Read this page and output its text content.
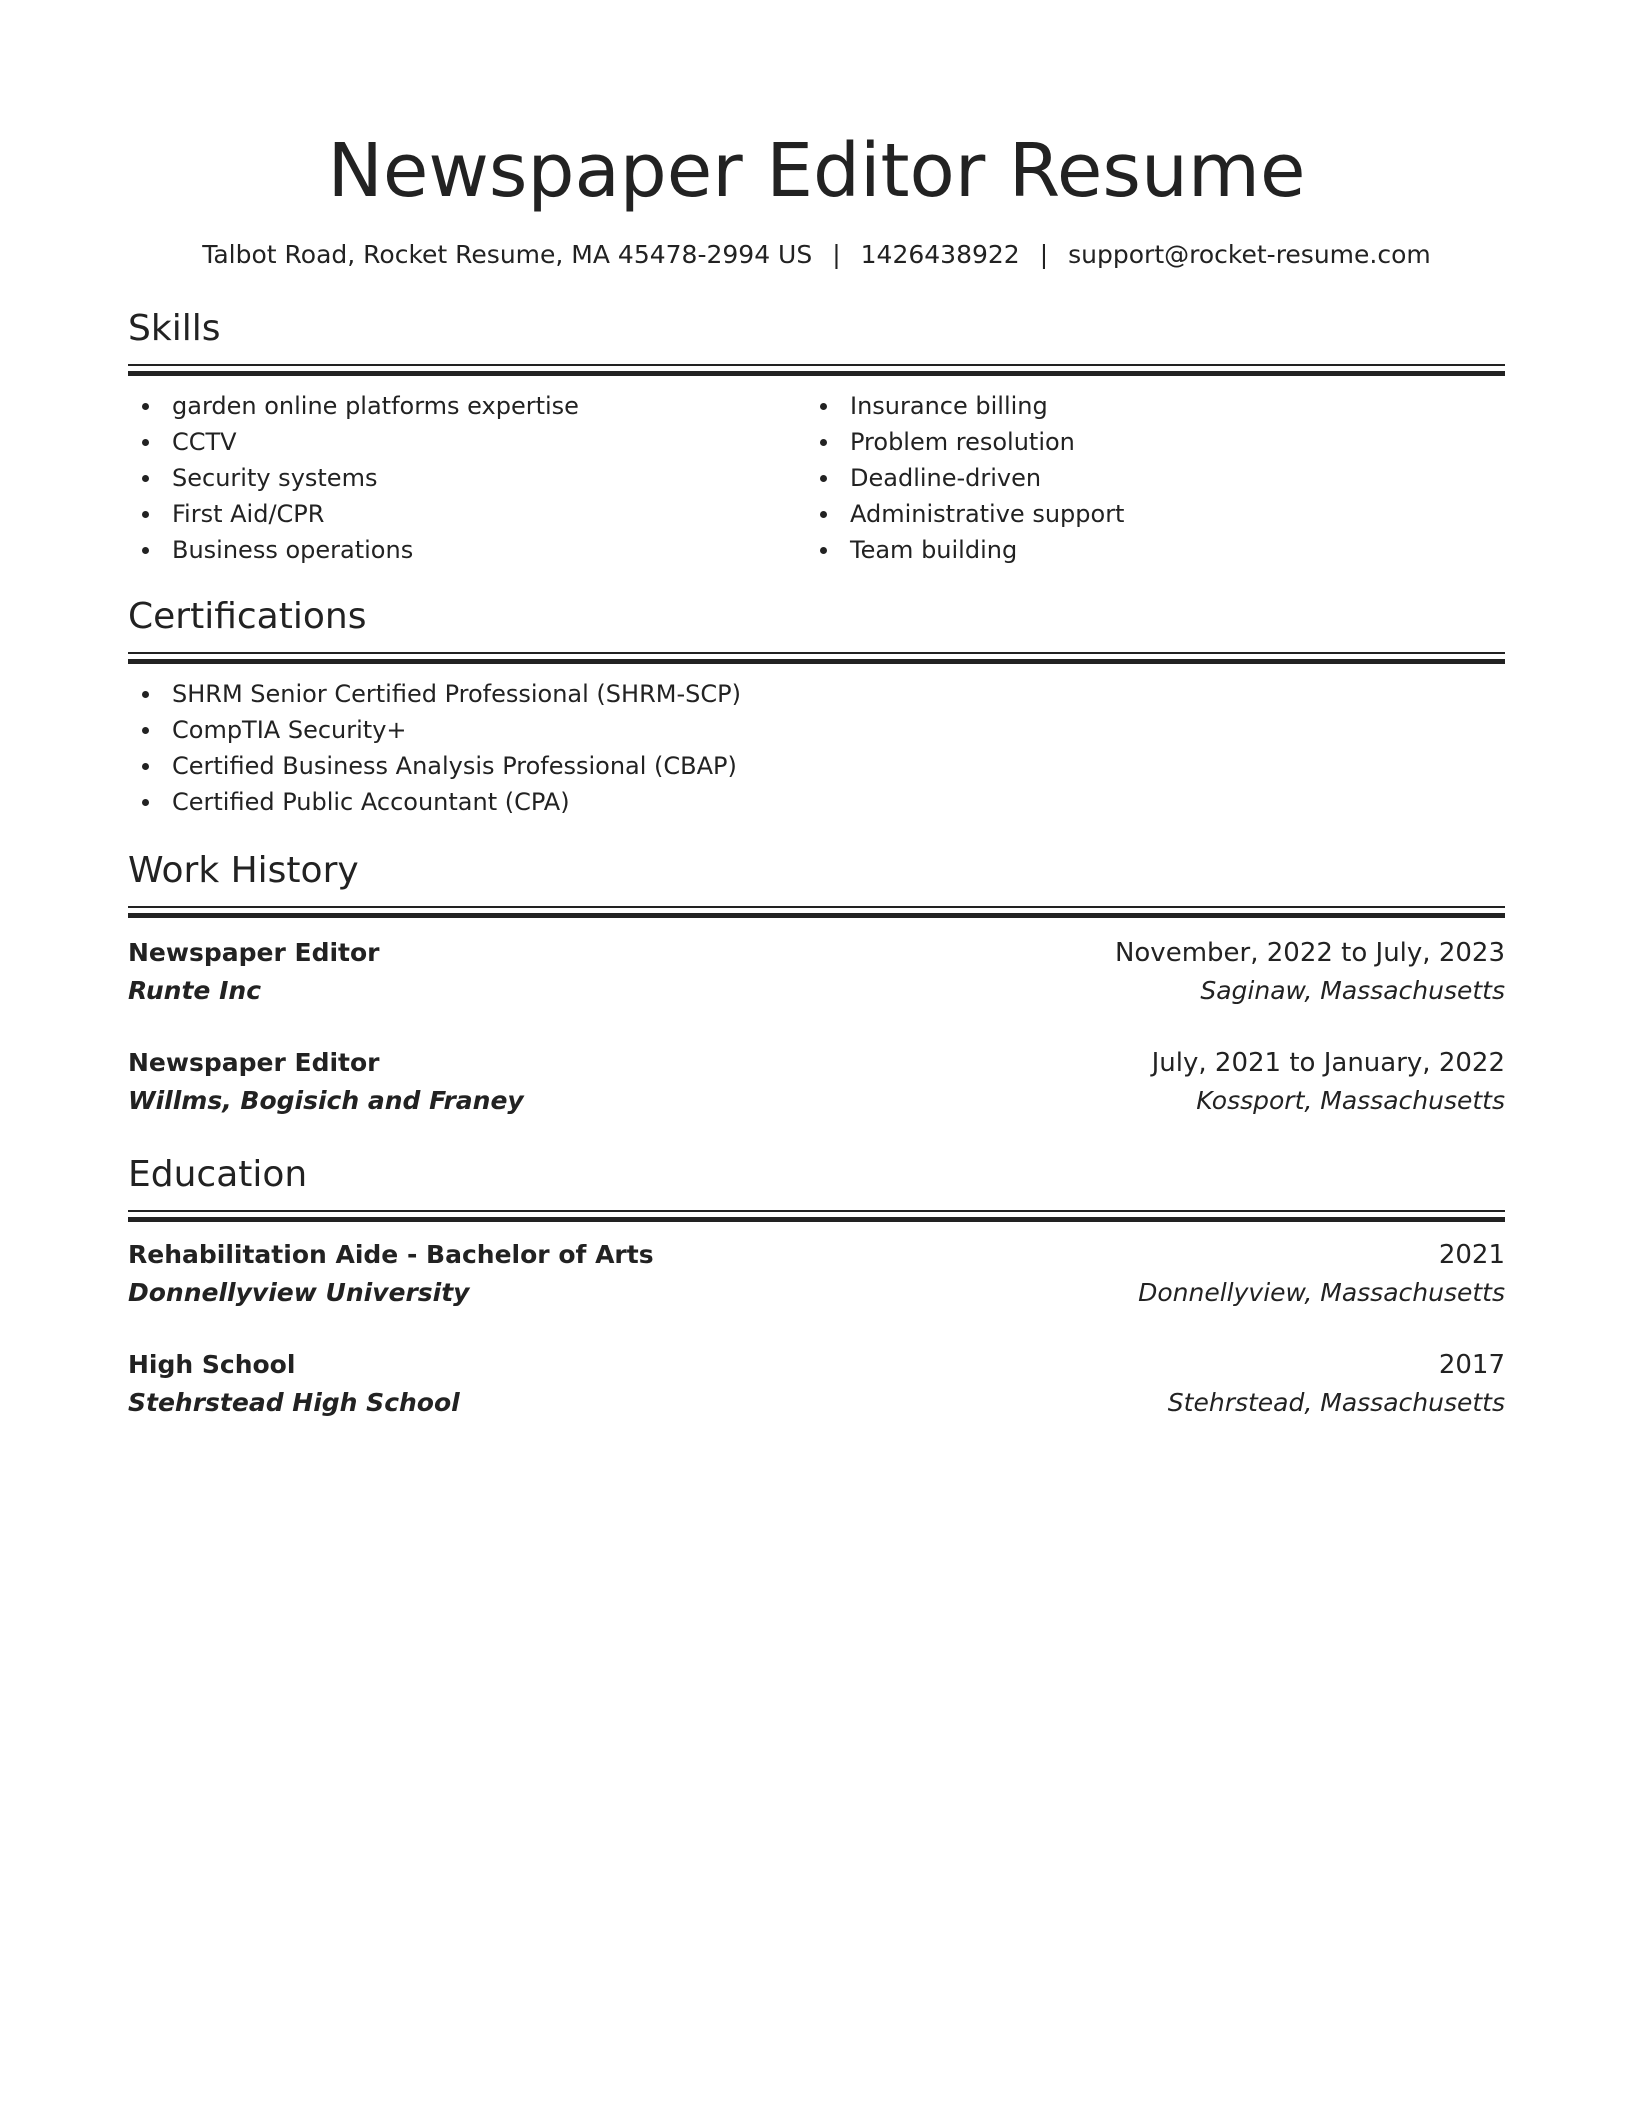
Newspaper Editor Resume
Talbot Road, Rocket Resume, MA 45478-2994 US | 1426438922 | support@rocket-resume.com
Skills
garden online platforms expertise
CCTV
Security systems
First Aid/CPR
Business operations
Insurance billing
Problem resolution
Deadline-driven
Administrative support
Team building
Certifications
SHRM Senior Certified Professional (SHRM-SCP)
CompTIA Security+
Certified Business Analysis Professional (CBAP)
Certified Public Accountant (CPA)
Work History
Newspaper Editor	November, 2022 to July, 2023
Runte Inc	Saginaw, Massachusetts
Newspaper Editor	July, 2021 to January, 2022
Willms, Bogisich and Franey	Kossport, Massachusetts
Education
Rehabilitation Aide - Bachelor of Arts	2021
Donnellyview University	Donnellyview, Massachusetts
High School	2017
Stehrstead High School	Stehrstead, Massachusetts
